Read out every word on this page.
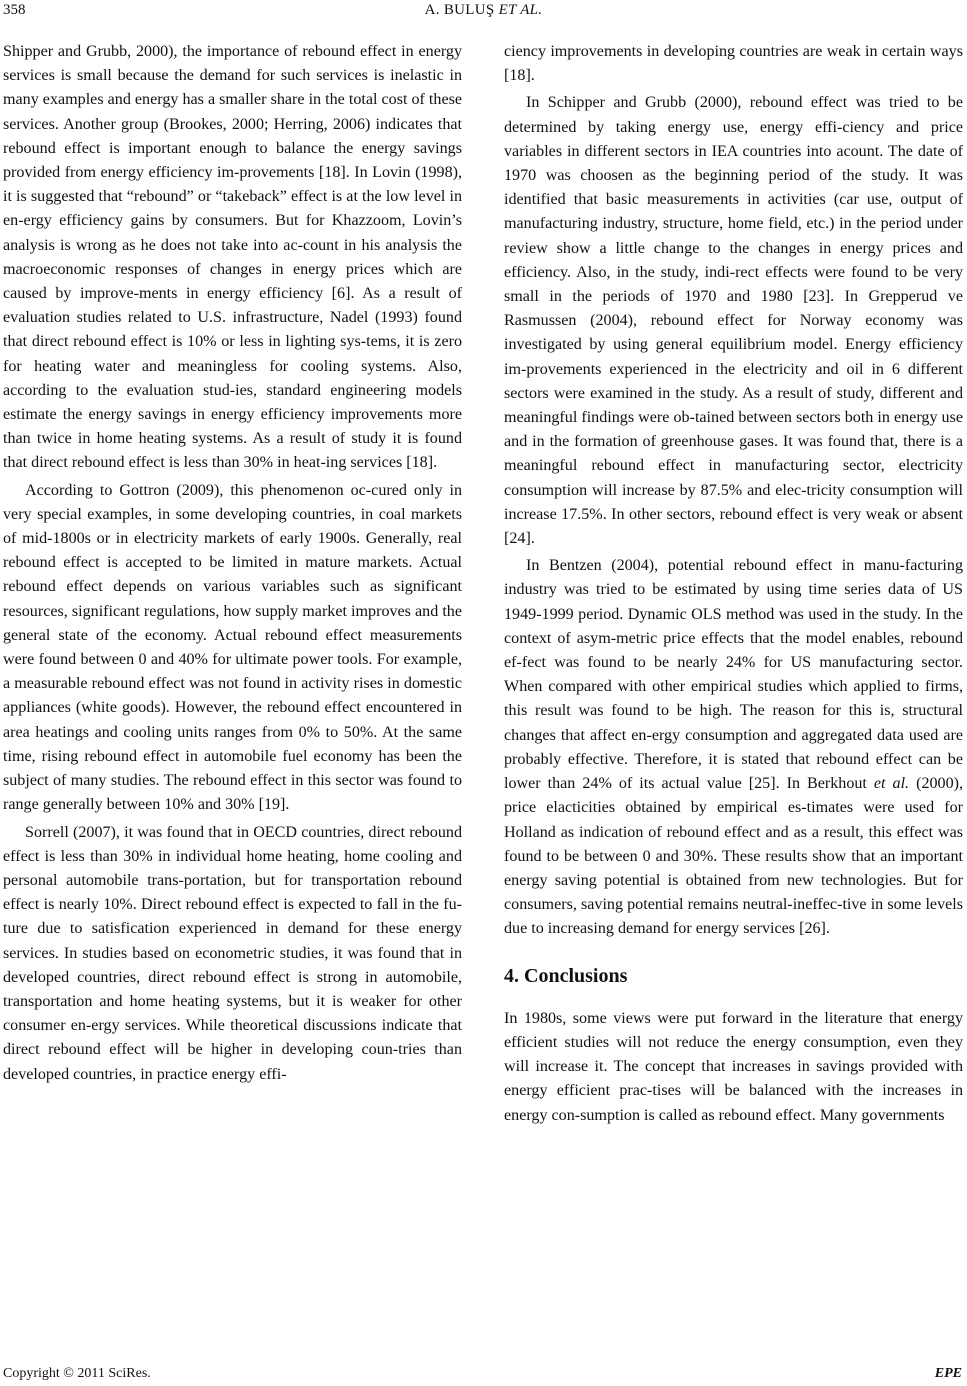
358	A. BULUŞ ET AL.

Shipper and Grubb, 2000), the importance of rebound effect in energy services is small because the demand for such services is inelastic in many examples and energy has a smaller share in the total cost of these services. Another group (Brookes, 2000; Herring, 2006) indicates that rebound effect is important enough to balance the energy savings provided from energy efficiency im-provements [18]. In Lovin (1998), it is suggested that “rebound” or “takeback” effect is at the low level in en-ergy efficiency gains by consumers. But for Khazzoom, Lovin’s analysis is wrong as he does not take into ac-count in his analysis the macroeconomic responses of changes in energy prices which are caused by improve-ments in energy efficiency [6]. As a result of evaluation studies related to U.S. infrastructure, Nadel (1993) found that direct rebound effect is 10% or less in lighting sys-tems, it is zero for heating water and meaningless for cooling systems. Also, according to the evaluation stud-ies, standard engineering models estimate the energy savings in energy efficiency improvements more than twice in home heating systems. As a result of study it is found that direct rebound effect is less than 30% in heat-ing services [18].

According to Gottron (2009), this phenomenon oc-cured only in very special examples, in some developing countries, in coal markets of mid-1800s or in electricity markets of early 1900s. Generally, real rebound effect is accepted to be limited in mature markets. Actual rebound effect depends on various variables such as significant resources, significant regulations, how supply market improves and the general state of the economy. Actual rebound effect measurements were found between 0 and 40% for ultimate power tools. For example, a measurable rebound effect was not found in activity rises in domestic appliances (white goods). However, the rebound effect encountered in area heatings and cooling units ranges from 0% to 50%. At the same time, rising rebound effect in automobile fuel economy has been the subject of many studies. The rebound effect in this sector was found to range generally between 10% and 30% [19].

Sorrell (2007), it was found that in OECD countries, direct rebound effect is less than 30% in individual home heating, home cooling and personal automobile trans-portation, but for transportation rebound effect is nearly 10%. Direct rebound effect is expected to fall in the fu-ture due to satisfication experienced in demand for these energy services. In studies based on econometric studies, it was found that in developed countries, direct rebound effect is strong in automobile, transportation and home heating systems, but it is weaker for other consumer en-ergy services. While theoretical discussions indicate that direct rebound effect will be higher in developing coun-tries than developed countries, in practice energy effi-

ciency improvements in developing countries are weak in certain ways [18].

In Schipper and Grubb (2000), rebound effect was tried to be determined by taking energy use, energy effi-ciency and price variables in different sectors in IEA countries into acount. The date of 1970 was choosen as the beginning period of the study. It was identified that basic measurements in activities (car use, output of manufacturing industry, structure, home field, etc.) in the period under review show a little change to the changes in energy prices and efficiency. Also, in the study, indi-rect effects were found to be very small in the periods of 1970 and 1980 [23]. In Grepperud ve Rasmussen (2004), rebound effect for Norway economy was investigated by using general equilibrium model. Energy efficiency im-provements experienced in the electricity and oil in 6 different sectors were examined in the study. As a result of study, different and meaningful findings were ob-tained between sectors both in energy use and in the formation of greenhouse gases. It was found that, there is a meaningful rebound effect in manufacturing sector, electricity consumption will increase by 87.5% and elec-tricity consumption will increase 17.5%. In other sectors, rebound effect is very weak or absent [24].

In Bentzen (2004), potential rebound effect in manu-facturing industry was tried to be estimated by using time series data of US 1949-1999 period. Dynamic OLS method was used in the study. In the context of asym-metric price effects that the model enables, rebound ef-fect was found to be nearly 24% for US manufacturing sector. When compared with other empirical studies which applied to firms, this result was found to be high. The reason for this is, structural changes that affect en-ergy consumption and aggregated data used are probably effective. Therefore, it is stated that rebound effect can be lower than 24% of its actual value [25]. In Berkhout et al. (2000), price elacticities obtained by empirical es-timates were used for Holland as indication of rebound effect and as a result, this effect was found to be between 0 and 30%. These results show that an important energy saving potential is obtained from new technologies. But for consumers, saving potential remains neutral-ineffec-tive in some levels due to increasing demand for energy services [26].

4. Conclusions

In 1980s, some views were put forward in the literature that energy efficient studies will not reduce the energy consumption, even they will increase it. The concept that increases in savings provided with energy efficient prac-tises will be balanced with the increases in energy con-sumption is called as rebound effect. Many governments

Copyright © 2011 SciRes.	EPE
